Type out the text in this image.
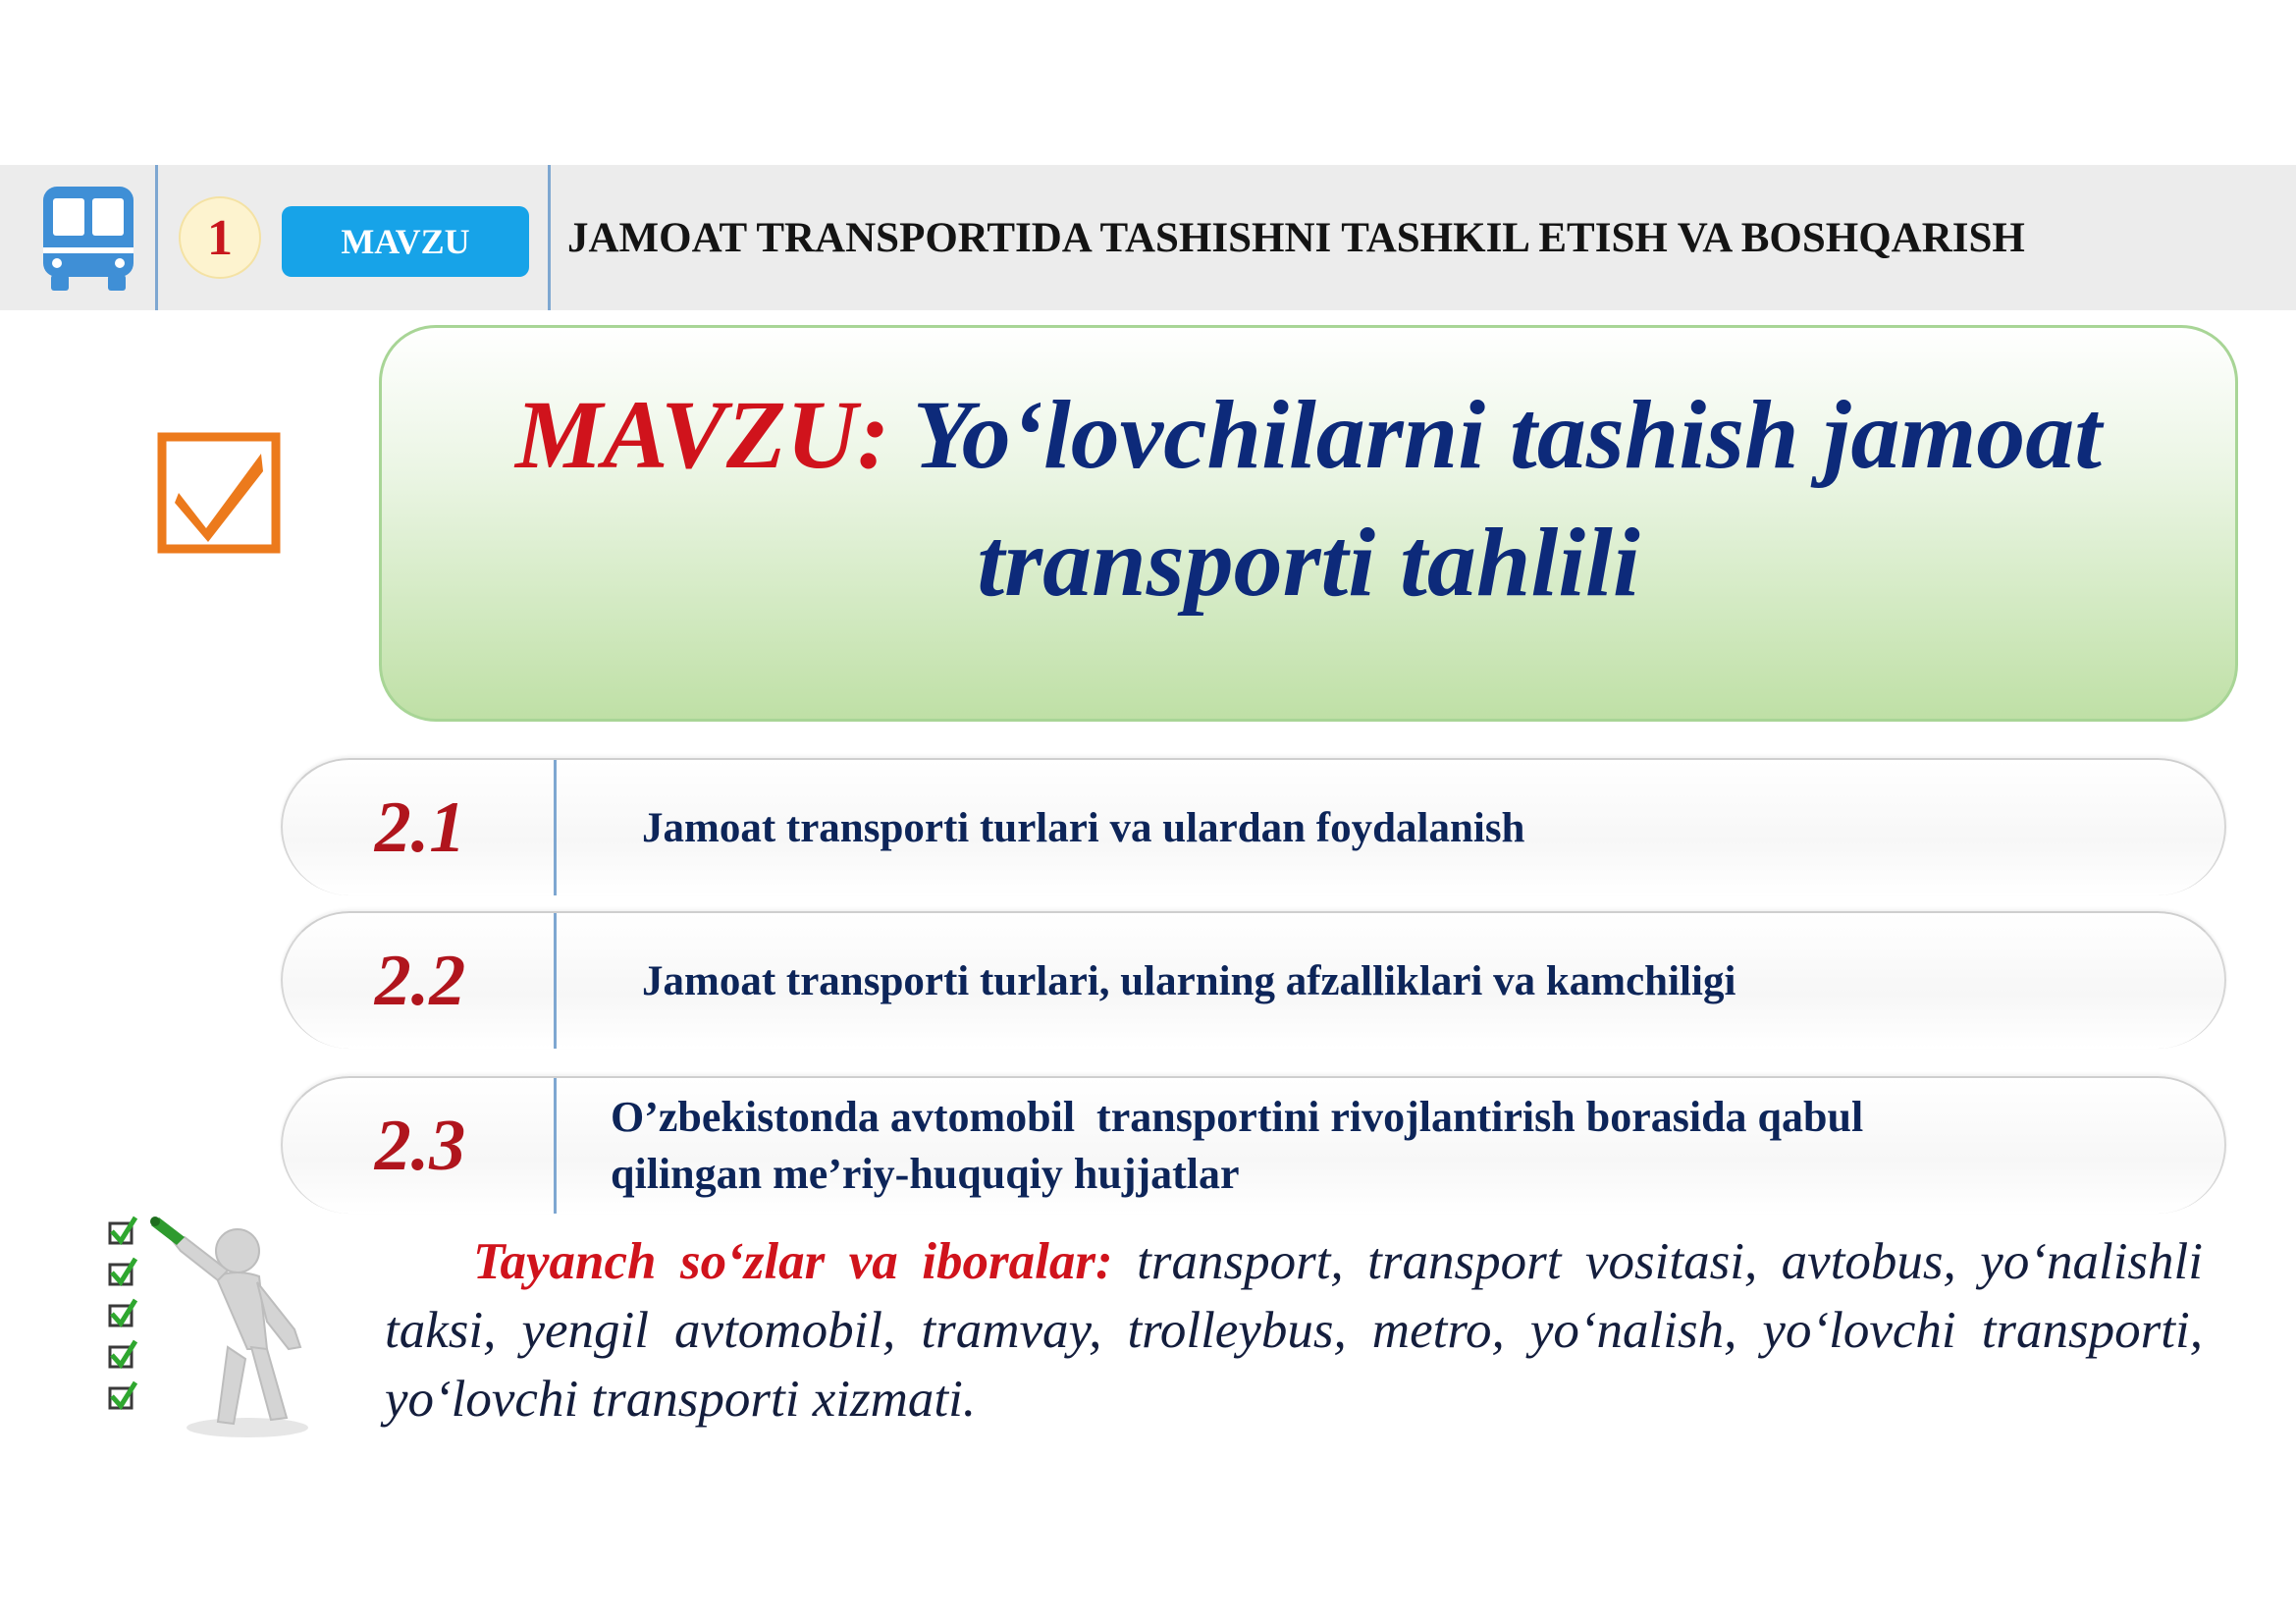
1	MAVZU	JAMOAT TRANSPORTIDA TASHISHNI TASHKIL ETISH VA BOSHQARISH
MAVZU: Yo‘lovchilarni tashish jamoat
transporti tahlili
2.1	Jamoat transporti turlari va ulardan foydalanish
2.2	Jamoat transporti turlari, ularning afzalliklari va kamchiligi
2.3	O’zbekistonda avtomobil  transportini rivojlantirish borasida qabul
qilingan me’riy-huquqiy hujjatlar
Tayanch so‘zlar va iboralar: transport, transport vositasi, avtobus, yo‘nalishli taksi, yengil avtomobil, tramvay, trolleybus, metro, yo‘nalish, yo‘lovchi transporti, yo‘lovchi transporti xizmati.
